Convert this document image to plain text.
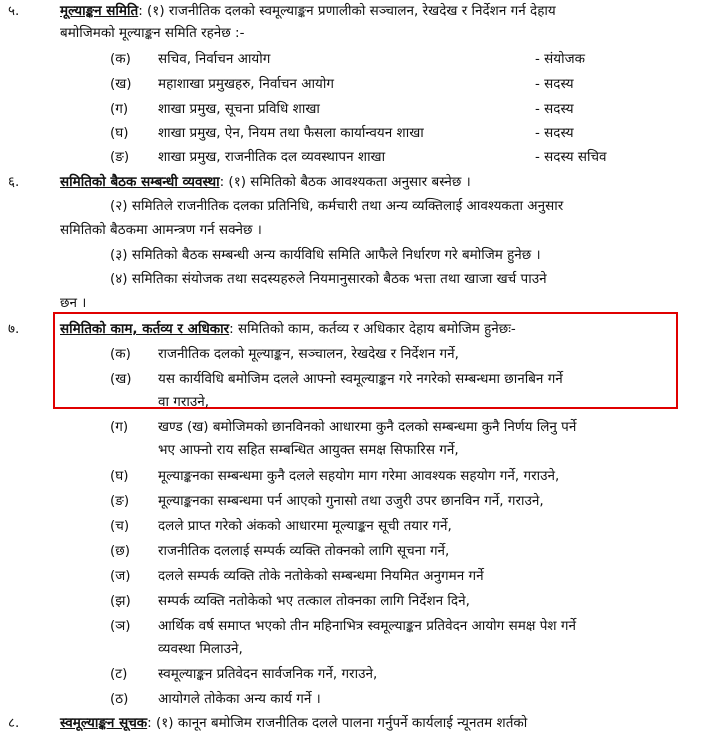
५.	मूल्याङ्कन समिति: (१) राजनीतिक दलको स्वमूल्याङ्कन प्रणालीको सञ्चालन, रेखदेख र निर्देशन गर्न देहाय
बमोजिमको मूल्याङ्कन समिति रहनेछ :-
(क) सचिव, निर्वाचन आयोग	- संयोजक
(ख) महाशाखा प्रमुखहरु, निर्वाचन आयोग	- सदस्य
(ग) शाखा प्रमुख, सूचना प्रविधि शाखा	- सदस्य
(घ) शाखा प्रमुख, ऐन, नियम तथा फैसला कार्यान्वयन शाखा	- सदस्य
(ङ) शाखा प्रमुख, राजनीतिक दल व्यवस्थापन शाखा	- सदस्य सचिव
६.	समितिको बैठक सम्बन्धी व्यवस्था: (१) समितिको बैठक आवश्यकता अनुसार बस्नेछ ।
(२) समितिले राजनीतिक दलका प्रतिनिधि, कर्मचारी तथा अन्य व्यक्तिलाई आवश्यकता अनुसार
समितिको बैठकमा आमन्त्रण गर्न सक्नेछ ।
(३) समितिको बैठक सम्बन्धी अन्य कार्यविधि समिति आफैले निर्धारण गरे बमोजिम हुनेछ ।
(४) समितिका संयोजक तथा सदस्यहरुले नियमानुसारको बैठक भत्ता तथा खाजा खर्च पाउने
छन ।
७.	समितिको काम, कर्तव्य र अधिकार: समितिको काम, कर्तव्य र अधिकार देहाय बमोजिम हुनेछः-
(क) राजनीतिक दलको मूल्याङ्कन, सञ्चालन, रेखदेख र निर्देशन गर्ने,
(ख) यस कार्यविधि बमोजिम दलले आफ्नो स्वमूल्याङ्कन गरे नगरेको सम्बन्धमा छानबिन गर्ने
वा गराउने,
(ग) खण्ड (ख) बमोजिमको छानविनको आधारमा कुनै दलको सम्बन्धमा कुनै निर्णय लिनु पर्ने
भए आफ्नो राय सहित सम्बन्धित आयुक्त समक्ष सिफारिस गर्ने,
(घ) मूल्याङ्कनका सम्बन्धमा कुनै दलले सहयोग माग गरेमा आवश्यक सहयोग गर्ने, गराउने,
(ङ) मूल्याङ्कनका सम्बन्धमा पर्न आएको गुनासो तथा उजुरी उपर छानविन गर्ने, गराउने,
(च) दलले प्राप्त गरेको अंकको आधारमा मूल्याङ्कन सूची तयार गर्ने,
(छ) राजनीतिक दललाई सम्पर्क व्यक्ति तोक्नको लागि सूचना गर्ने,
(ज) दलले सम्पर्क व्यक्ति तोके नतोकेको सम्बन्धमा नियमित अनुगमन गर्ने
(झ) सम्पर्क व्यक्ति नतोकेको भए तत्काल तोक्नका लागि निर्देशन दिने,
(ञ) आर्थिक वर्ष समाप्त भएको तीन महिनाभित्र स्वमूल्याङ्कन प्रतिवेदन आयोग समक्ष पेश गर्ने
व्यवस्था मिलाउने,
(ट) स्वमूल्याङ्कन प्रतिवेदन सार्वजनिक गर्ने, गराउने,
(ठ) आयोगले तोकेका अन्य कार्य गर्ने ।
८.	स्वमूल्याङ्कन सूचक: (१) कानून बमोजिम राजनीतिक दलले पालना गर्नुपर्ने कार्यलाई न्यूनतम शर्तको
